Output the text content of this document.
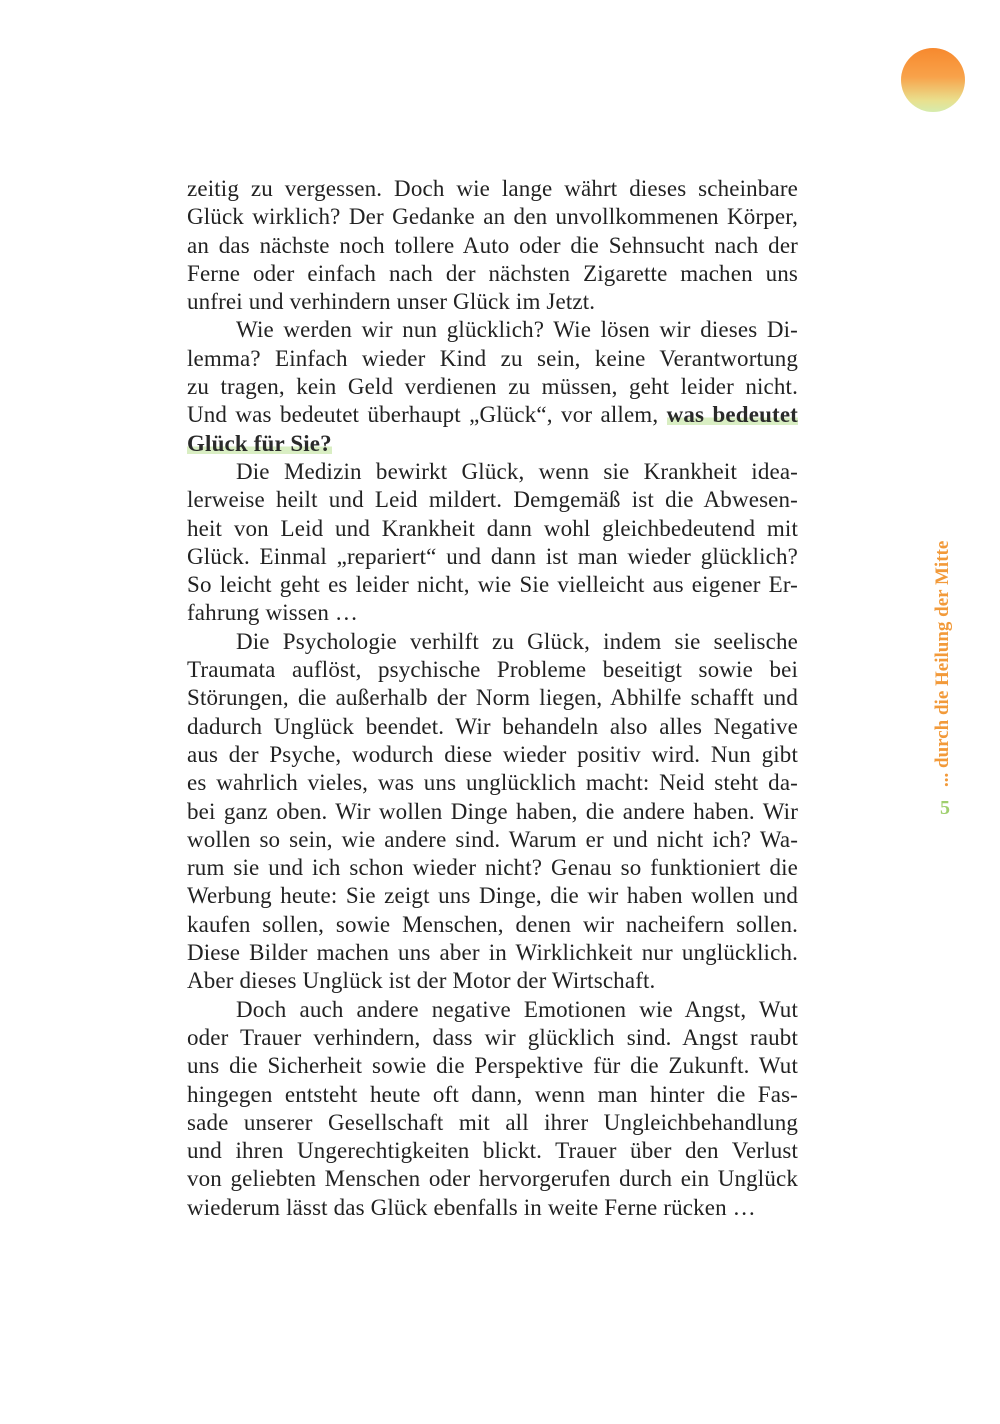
zeitig zu vergessen. Doch wie lange währt dieses scheinbare
Glück wirklich? Der Gedanke an den unvollkommenen Körper,
an das nächste noch tollere Auto oder die Sehnsucht nach der
Ferne oder einfach nach der nächsten Zigarette machen uns
unfrei und verhindern unser Glück im Jetzt.
Wie werden wir nun glücklich? Wie lösen wir dieses Di-
lemma? Einfach wieder Kind zu sein, keine Verantwortung
zu tragen, kein Geld verdienen zu müssen, geht leider nicht.
Und was bedeutet überhaupt „Glück“, vor allem, was bedeutet
Glück für Sie?
Die Medizin bewirkt Glück, wenn sie Krankheit idea-
lerweise heilt und Leid mildert. Demgemäß ist die Abwesen-
heit von Leid und Krankheit dann wohl gleichbedeutend mit
Glück. Einmal „repariert“ und dann ist man wieder glücklich?
So leicht geht es leider nicht, wie Sie vielleicht aus eigener Er-
fahrung wissen …
Die Psychologie verhilft zu Glück, indem sie seelische
Traumata auflöst, psychische Probleme beseitigt sowie bei
Störungen, die außerhalb der Norm liegen, Abhilfe schafft und
dadurch Unglück beendet. Wir behandeln also alles Negative
aus der Psyche, wodurch diese wieder positiv wird. Nun gibt
es wahrlich vieles, was uns unglücklich macht: Neid steht da-
bei ganz oben. Wir wollen Dinge haben, die andere haben. Wir
wollen so sein, wie andere sind. Warum er und nicht ich? Wa-
rum sie und ich schon wieder nicht? Genau so funktioniert die
Werbung heute: Sie zeigt uns Dinge, die wir haben wollen und
kaufen sollen, sowie Menschen, denen wir nacheifern sollen.
Diese Bilder machen uns aber in Wirklichkeit nur unglücklich.
Aber dieses Unglück ist der Motor der Wirtschaft.
Doch auch andere negative Emotionen wie Angst, Wut
oder Trauer verhindern, dass wir glücklich sind. Angst raubt
uns die Sicherheit sowie die Perspektive für die Zukunft. Wut
hingegen entsteht heute oft dann, wenn man hinter die Fas-
sade unserer Gesellschaft mit all ihrer Ungleichbehandlung
und ihren Ungerechtigkeiten blickt. Trauer über den Verlust
von geliebten Menschen oder hervorgerufen durch ein Unglück
wiederum lässt das Glück ebenfalls in weite Ferne rücken …
... durch die Heilung der Mitte
5
